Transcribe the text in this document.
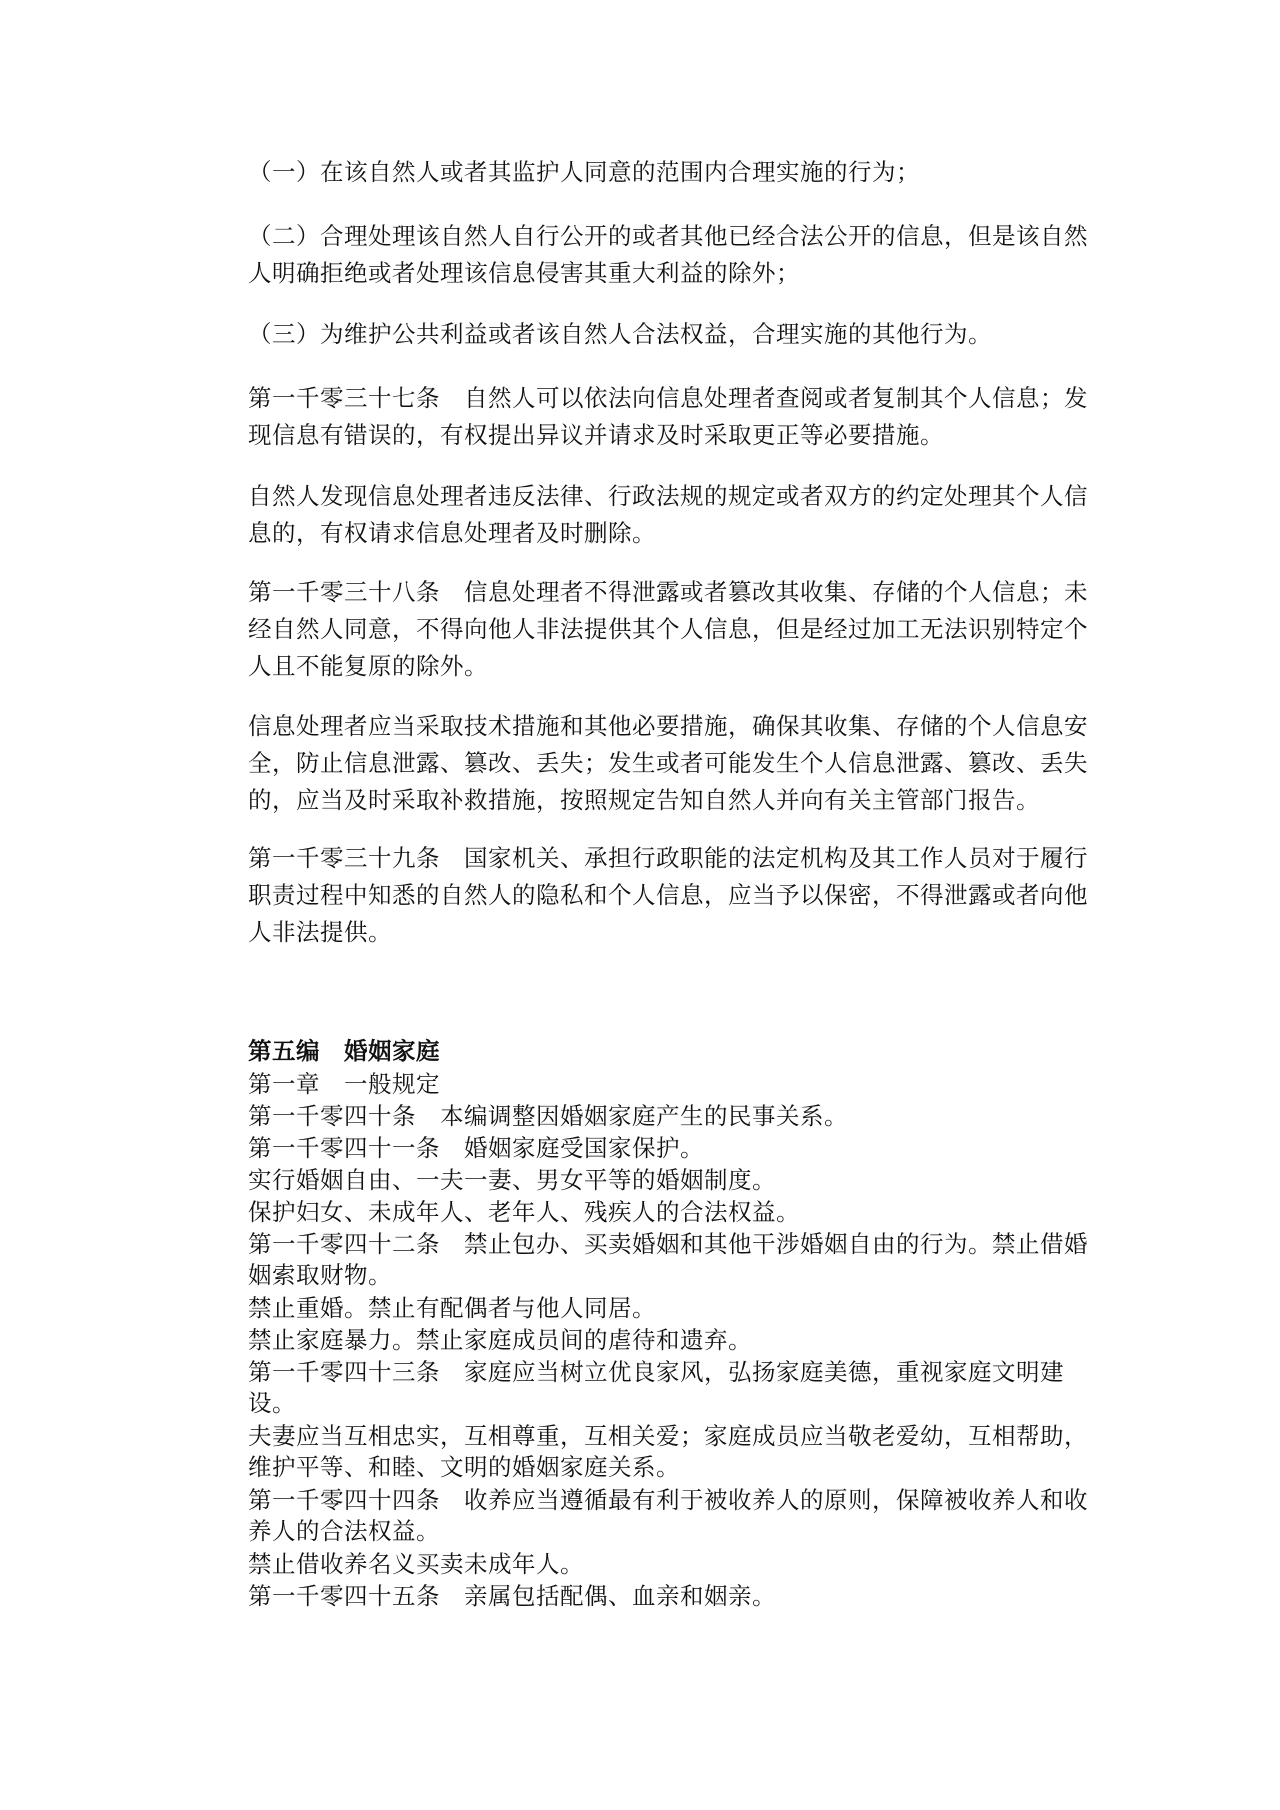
（一）在该自然人或者其监护人同意的范围内合理实施的行为；
（二）合理处理该自然人自行公开的或者其他已经合法公开的信息，但是该自然人明确拒绝或者处理该信息侵害其重大利益的除外；
（三）为维护公共利益或者该自然人合法权益，合理实施的其他行为。
第一千零三十七条　自然人可以依法向信息处理者查阅或者复制其个人信息；发现信息有错误的，有权提出异议并请求及时采取更正等必要措施。
自然人发现信息处理者违反法律、行政法规的规定或者双方的约定处理其个人信息的，有权请求信息处理者及时删除。
第一千零三十八条　信息处理者不得泄露或者篡改其收集、存储的个人信息；未经自然人同意，不得向他人非法提供其个人信息，但是经过加工无法识别特定个人且不能复原的除外。
信息处理者应当采取技术措施和其他必要措施，确保其收集、存储的个人信息安全，防止信息泄露、篡改、丢失；发生或者可能发生个人信息泄露、篡改、丢失的，应当及时采取补救措施，按照规定告知自然人并向有关主管部门报告。
第一千零三十九条　国家机关、承担行政职能的法定机构及其工作人员对于履行职责过程中知悉的自然人的隐私和个人信息，应当予以保密，不得泄露或者向他人非法提供。
第五编　婚姻家庭
第一章　一般规定
第一千零四十条　本编调整因婚姻家庭产生的民事关系。
第一千零四十一条　婚姻家庭受国家保护。
实行婚姻自由、一夫一妻、男女平等的婚姻制度。
保护妇女、未成年人、老年人、残疾人的合法权益。
第一千零四十二条　禁止包办、买卖婚姻和其他干涉婚姻自由的行为。禁止借婚姻索取财物。
禁止重婚。禁止有配偶者与他人同居。
禁止家庭暴力。禁止家庭成员间的虐待和遗弃。
第一千零四十三条　家庭应当树立优良家风，弘扬家庭美德，重视家庭文明建设。
夫妻应当互相忠实，互相尊重，互相关爱；家庭成员应当敬老爱幼，互相帮助，维护平等、和睦、文明的婚姻家庭关系。
第一千零四十四条　收养应当遵循最有利于被收养人的原则，保障被收养人和收养人的合法权益。
禁止借收养名义买卖未成年人。
第一千零四十五条　亲属包括配偶、血亲和姻亲。
